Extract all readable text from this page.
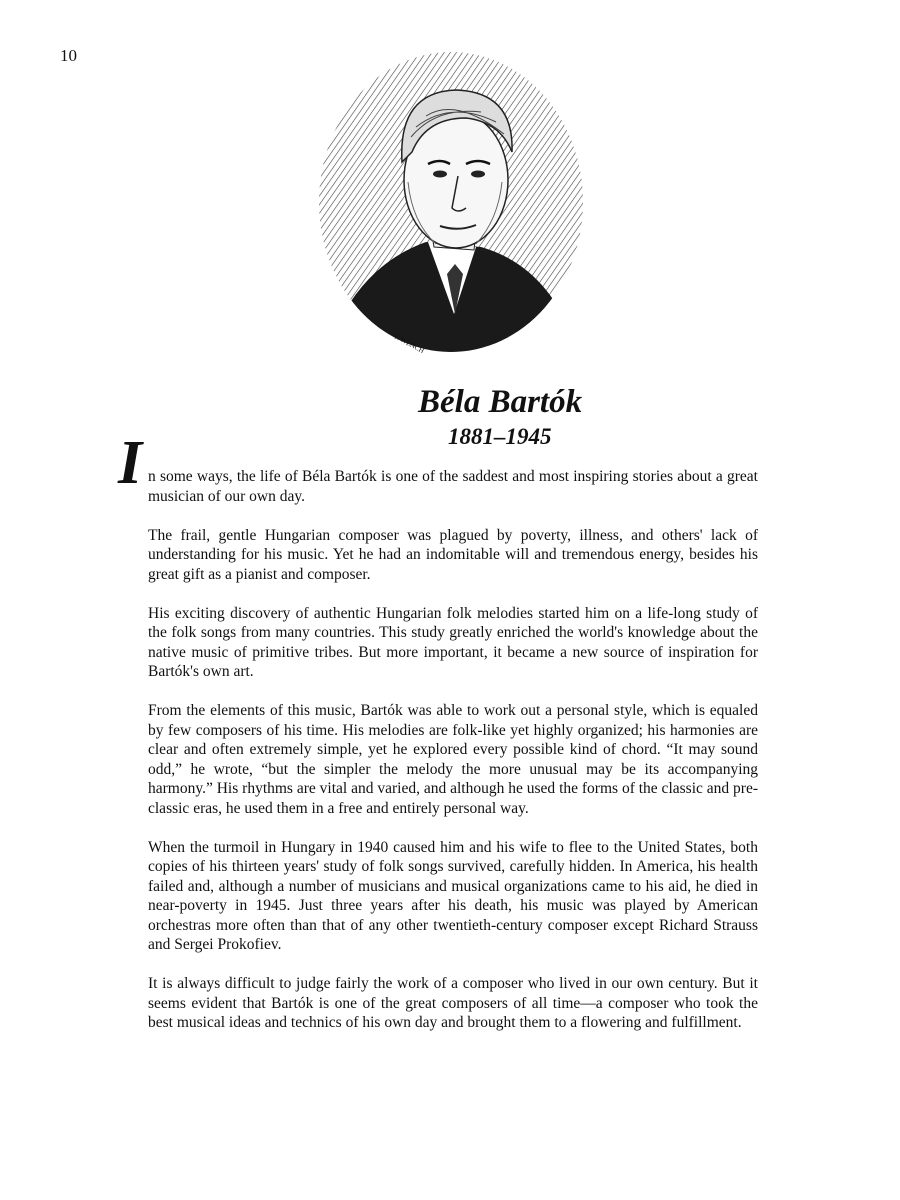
10
F. WENCH
Béla Bartók
1881–1945
I n some ways, the life of Béla Bartók is one of the saddest and most inspiring stories about a great musician of our own day.

The frail, gentle Hungarian composer was plagued by poverty, illness, and others' lack of understanding for his music. Yet he had an indomitable will and tremendous energy, besides his great gift as a pianist and composer.

His exciting discovery of authentic Hungarian folk melodies started him on a life-long study of the folk songs from many countries. This study greatly enriched the world's knowledge about the native music of primitive tribes. But more important, it became a new source of inspiration for Bartók's own art.

From the elements of this music, Bartók was able to work out a personal style, which is equaled by few composers of his time. His melodies are folk-like yet highly organized; his harmonies are clear and often extremely simple, yet he explored every possible kind of chord. “It may sound odd,” he wrote, “but the simpler the melody the more unusual may be its accompanying harmony.” His rhythms are vital and varied, and although he used the forms of the classic and pre-classic eras, he used them in a free and entirely personal way.

When the turmoil in Hungary in 1940 caused him and his wife to flee to the United States, both copies of his thirteen years' study of folk songs survived, carefully hidden. In America, his health failed and, although a number of musicians and musical organizations came to his aid, he died in near-poverty in 1945. Just three years after his death, his music was played by American orchestras more often than that of any other twentieth-century composer except Richard Strauss and Sergei Prokofiev.

It is always difficult to judge fairly the work of a composer who lived in our own century. But it seems evident that Bartók is one of the great composers of all time—a composer who took the best musical ideas and technics of his own day and brought them to a flowering and fulfillment.
